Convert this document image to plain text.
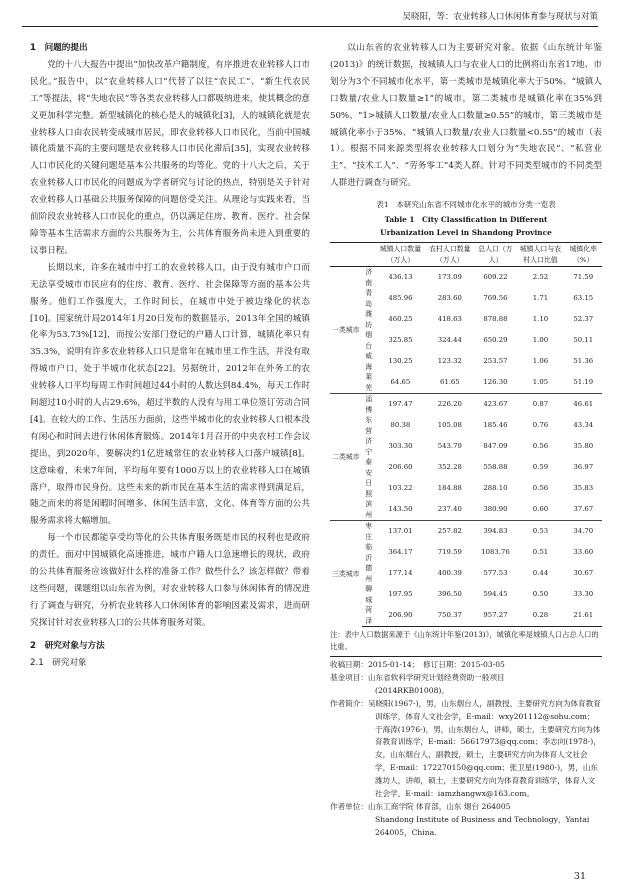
吴晓阳，等：农业转移人口休闲体育参与现状与对策

1　问题的提出

党的十八大报告中提出“加快改革户籍制度，有序推进农业转移人口市民化。”报告中，以“农业转移人口”代替了以往“农民工”、“新生代农民工”等提法，将“失地农民”等各类农业转移人口都吸纳进来，使其概念的意义更加科学完整。新型城镇化的核心是人的城镇化[3]，人的城镇化就是农业转移人口由农民转变成城市居民，即农业转移人口市民化，当前中国城镇化质量不高的主要问题是农业转移人口市民化滞后[35]，实现农业转移人口市民化的关键问题是基本公共服务的均等化。党的十八大之后，关于农业转移人口市民化的问题成为学者研究与讨论的热点，特别是关于针对农业转移人口基础公共服务保障的问题倍受关注。从理论与实践来看，当前阶段农业转移人口市民化的重点，仍以满足住房、教育、医疗、社会保障等基本生活需求方面的公共服务为主，公共体育服务尚未进入到重要的议事日程。

长期以来，许多在城市中打工的农业转移人口，由于没有城市户口而无法享受城市市民应有的住房、教育、医疗、社会保障等方面的基本公共服务。他们工作强度大，工作时间长，在城市中处于被边缘化的状态[10]。国家统计局2014年1月20日发布的数据显示，2013年全国的城镇化率为53.73%[12]，而按公安部门登记的户籍人口计算，城镇化率只有35.3%，说明有许多农业转移人口只是常年在城市里工作生活，并没有取得城市户口，处于半城市化状态[22]。另据统计，2012年在外务工的农业转移人口平均每周工作时间超过44小时的人数达到84.4%，每天工作时间超过10小时的人占29.6%，超过半数的人没有与用工单位签订劳动合同[4]。在较大的工作、生活压力面前，这些半城市化的农业转移人口根本没有闲心和时间去进行休闲体育锻炼。2014年1月召开的中央农村工作会议提出，到2020年，要解决约1亿进城常住的农业转移人口落户城镇[8]。这意味着，未来7年间，平均每年要有1000万以上的农业转移人口在城镇落户，取得市民身份。这些未来的新市民在基本生活的需求得到满足后，随之而来的将是闲暇时间增多、休闲生活丰富，文化、体育等方面的公共服务需求将大幅增加。

每一个市民都能享受均等化的公共体育服务既是市民的权利也是政府的责任。面对中国城镇化高速推进，城市户籍人口急速增长的现状，政府的公共体育服务应该做好什么样的准备工作？做些什么？该怎样做？带着这些问题，课题组以山东省为例，对农业转移人口参与休闲体育的情况进行了调查与研究，分析农业转移人口休闲体育的影响因素及需求，进而研究探讨针对农业转移人口的公共体育服务对策。

2　研究对象与方法

2.1　研究对象

以山东省的农业转移人口为主要研究对象。依据《山东统计年鉴(2013)》的统计数据，按城镇人口与农业人口的比例将山东省17地、市划分为3个不同城市化水平，第一类城市是城镇化率大于50%、“城镇人口数量/农业人口数量≥1”的城市，第二类城市是城镇化率在35%到50%、“1>城镇人口数量/农业人口数量≥0.55”的城市，第三类城市是城镇化率小于35%、“城镇人口数量/农业人口数量<0.55”的城市（表1）。根据不同来源类型将农业转移人口划分为“失地农民”、“私营业主”、“技术工人”、“劳务零工”4类人群。针对不同类型城市的不同类型人群进行调查与研究。

表1　本研究山东省不同城市化水平的城市分类一览表

Table 1　City Classification in Different

Urbanization Level in Shandong Province

		城镇人口数量（万人）	农村人口数量（万人）	总人口（万人）	城镇人口与农村人口比值	城镇化率（%）
一类城市	济南	436.13	173.09	609.22	2.52	71.59
	青岛	485.96	283.60	769.56	1.71	63.15
	潍坊	460.25	418.63	878.88	1.10	52.37
	烟台	325.85	324.44	650.29	1.00	50.11
	威海	130.25	123.32	253.57	1.06	51.36
	莱芜	64.65	61.65	126.30	1.05	51.19
二类城市	淄博	197.47	226.20	423.67	0.87	46.61
	东营	80.38	105.08	185.46	0.76	43.34
	济宁	303.30	543.79	847.09	0.56	35.80
	泰安	206.60	352.28	558.88	0.59	36.97
	日照	103.22	184.88	288.10	0.56	35.83
	滨州	143.50	237.40	380.90	0.60	37.67
三类城市	枣庄	137.01	257.82	394.83	0.53	34.70
	临沂	364.17	719.59	1083.76	0.51	33.60
	德州	177.14	400.39	577.53	0.44	30.67
	聊城	197.95	396.50	594.45	0.50	33.30
	菏泽	206.90	750.37	957.27	0.28	21.61

注：表中人口数据来源于《山东统计年鉴(2013)》，城镇化率是城镇人口占总人口的比重。

收稿日期：2015-01-14；　修订日期：2015-03-05

基金项目：山东省软科学研究计划经费资助一般项目

(2014RKB01008)。

作者简介：吴晓阳(1967-)，男，山东烟台人，副教授，主要研究方向为体育教育训练学，体育人文社会学，E-mail：wxy201112@sohu.com；于海涛(1976-)，男，山东烟台人，讲师，硕士，主要研究方向为体育教育训练学，E-mail：56617973@qq.com；李志向(1978-)，女，山东烟台人，副教授，硕士，主要研究方向为体育人文社会学，E-mail：172270150@qq.com；张卫星(1980-)，男，山东潍坊人，讲师，硕士，主要研究方向为体育教育训练学，体育人文社会学，E-mail：iamzhangwx@163.com。

作者单位：山东工商学院 体育部，山东 烟台 264005

Shandong Institute of Business and Technology，Yantai

264005，China.

31
